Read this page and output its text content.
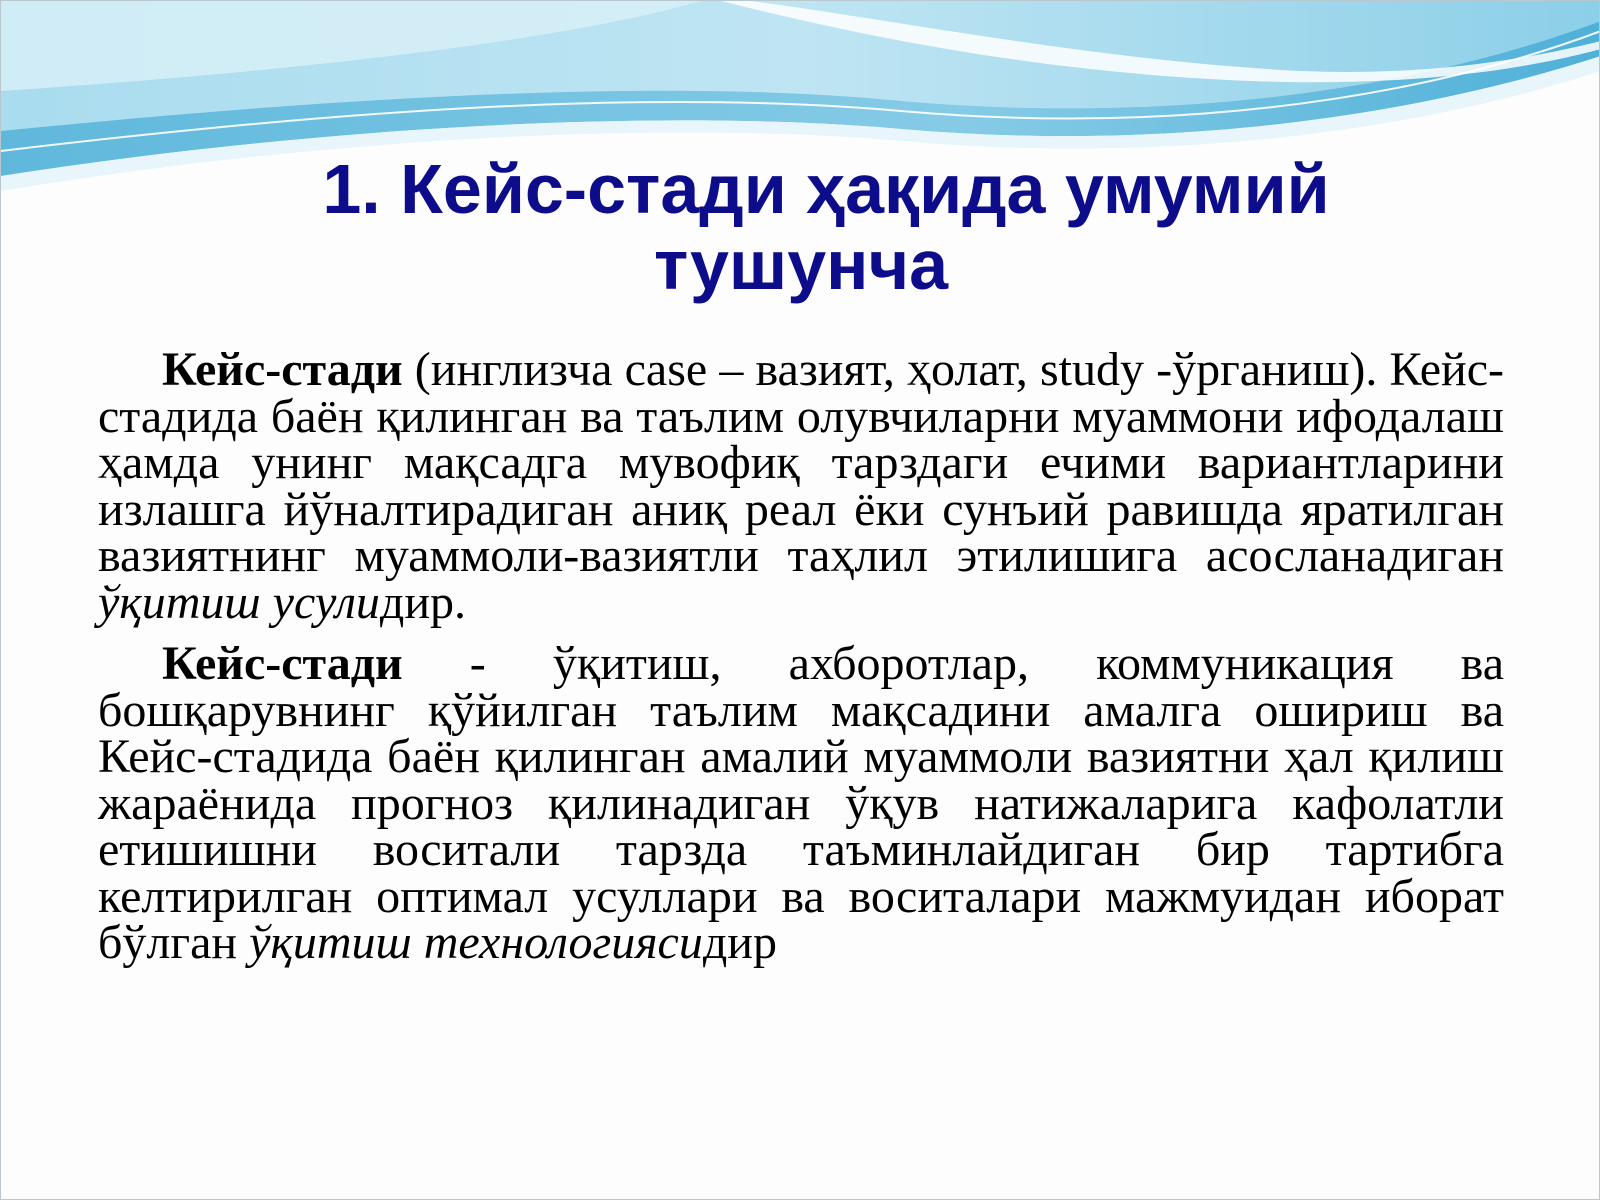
1. Кейс-стади ҳақида умумий
тушунча

Кейс-стади (инглизча case – вазият, ҳолат, study -ўрганиш). Кейс-стадида баён қилинган ва таълим олувчиларни муаммони ифодалаш ҳамда унинг мақсадга мувофиқ тарздаги ечими вариантларини излашга йўналтирадиган аниқ реал ёки сунъий равишда яратилган вазиятнинг муаммоли-вазиятли таҳлил этилишига асосланадиган ўқитиш усулидир.

Кейс-стади - ўқитиш, ахборотлар, коммуникация ва бошқарувнинг қўйилган таълим мақсадини амалга ошириш ва Кейс-стадида баён қилинган амалий муаммоли вазиятни ҳал қилиш жараёнида прогноз қилинадиган ўқув натижаларига кафолатли етишишни воситали тарзда таъминлайдиган бир тартибга келтирилган оптимал усуллари ва воситалари мажмуидан иборат бўлган ўқитиш технологиясидир
